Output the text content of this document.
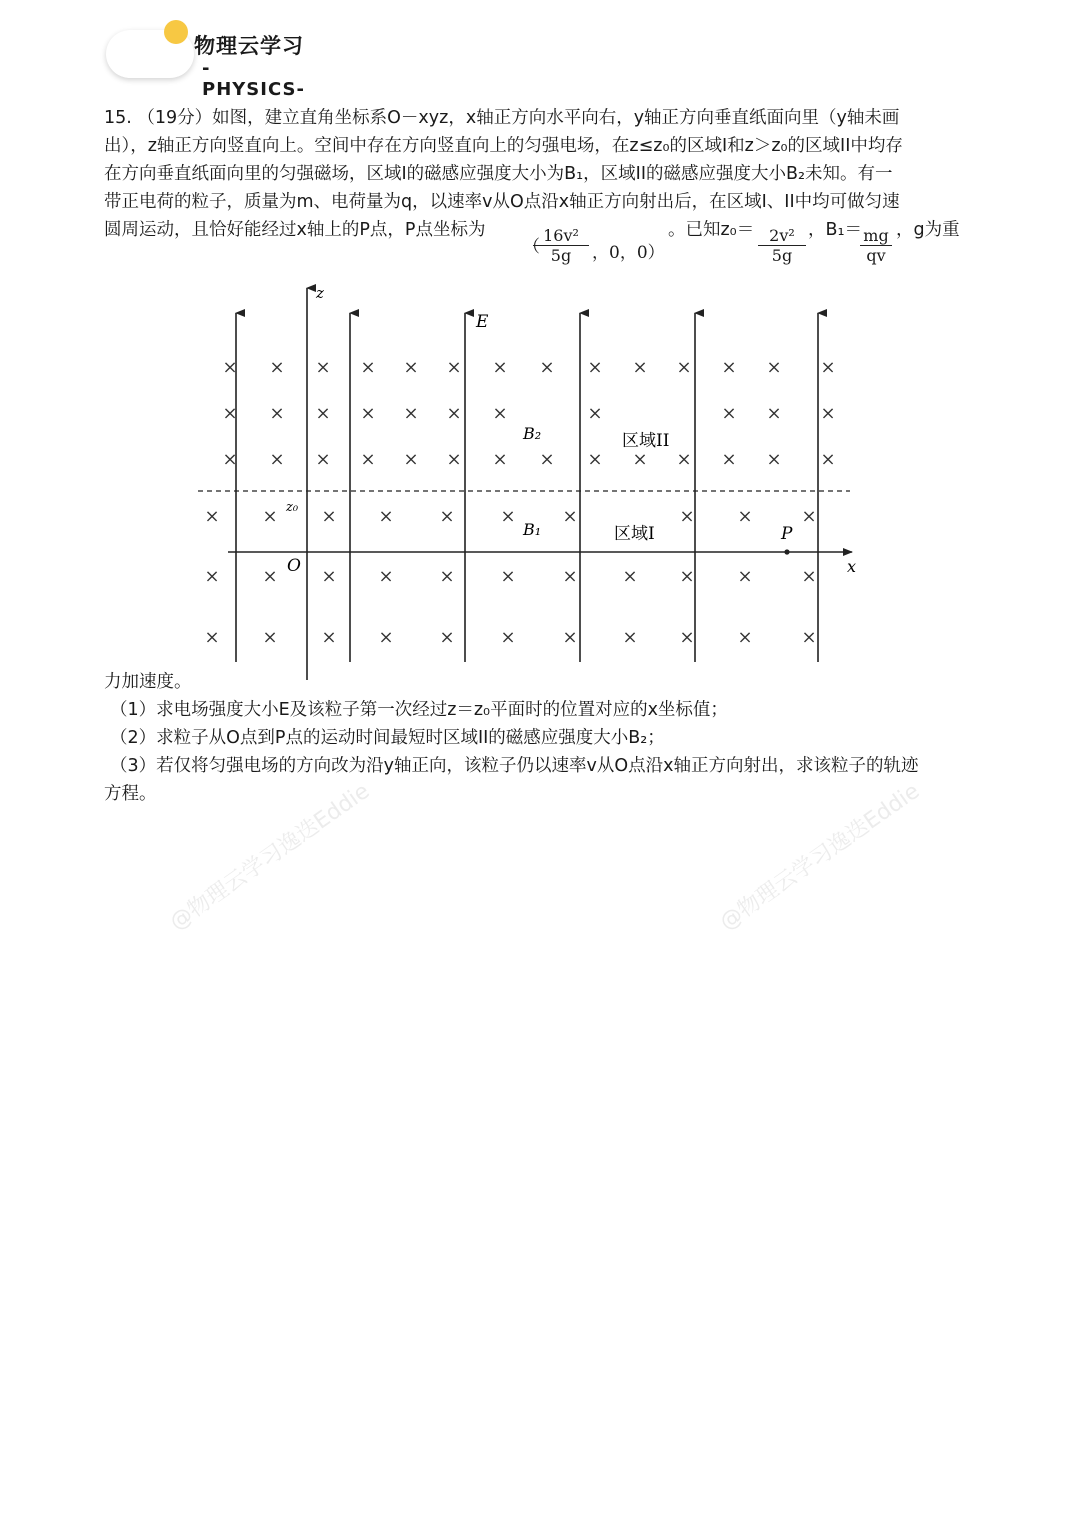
物理云学习
-PHYSICS-

15. （19分）如图，建立直角坐标系O－xyz，x轴正方向水平向右，y轴正方向垂直纸面向里（y轴未画

出），z轴正方向竖直向上。空间中存在方向竖直向上的匀强电场，在z≤z₀的区域I和z＞z₀的区域II中均存

在方向垂直纸面向里的匀强磁场，区域I的磁感应强度大小为B₁，区域II的磁感应强度大小B₂未知。有一

带正电荷的粒子，质量为m、电荷量为q，以速率v从O点沿x轴正方向射出后，在区域I、II中均可做匀速

圆周运动，且恰好能经过x轴上的P点，P点坐标为

（
$\frac{\text{16v²}}{5g}$ ，0，0）
。已知$z_0= \frac{\text{2v²}}{5g}$ ，B₁＝
$\frac{mg}{qv}$ ，g为重
× × × × × × × × × × × × × ×
× × × × × × ×	×	× × ×
× × × × × × × × × × × × × ×
× × × ×	×	×	×	× ×	×
× × × ×	×	×	× × × ×	×
× × × ×	×	×	× × × ×	×
z
E
O
P
x
z₀
B₂
B₁
区域II
区域I

力加速度。

（1）求电场强度大小E及该粒子第一次经过z＝z₀平面时的位置对应的x坐标值；

（2）求粒子从O点到P点的运动时间最短时区域II的磁感应强度大小B₂；

（3）若仅将匀强电场的方向改为沿y轴正向，该粒子仍以速率v从O点沿x轴正方向射出，求该粒子的轨迹

方程。 @物理云学习逸迭Eddie	@物理云学习逸迭Eddie
